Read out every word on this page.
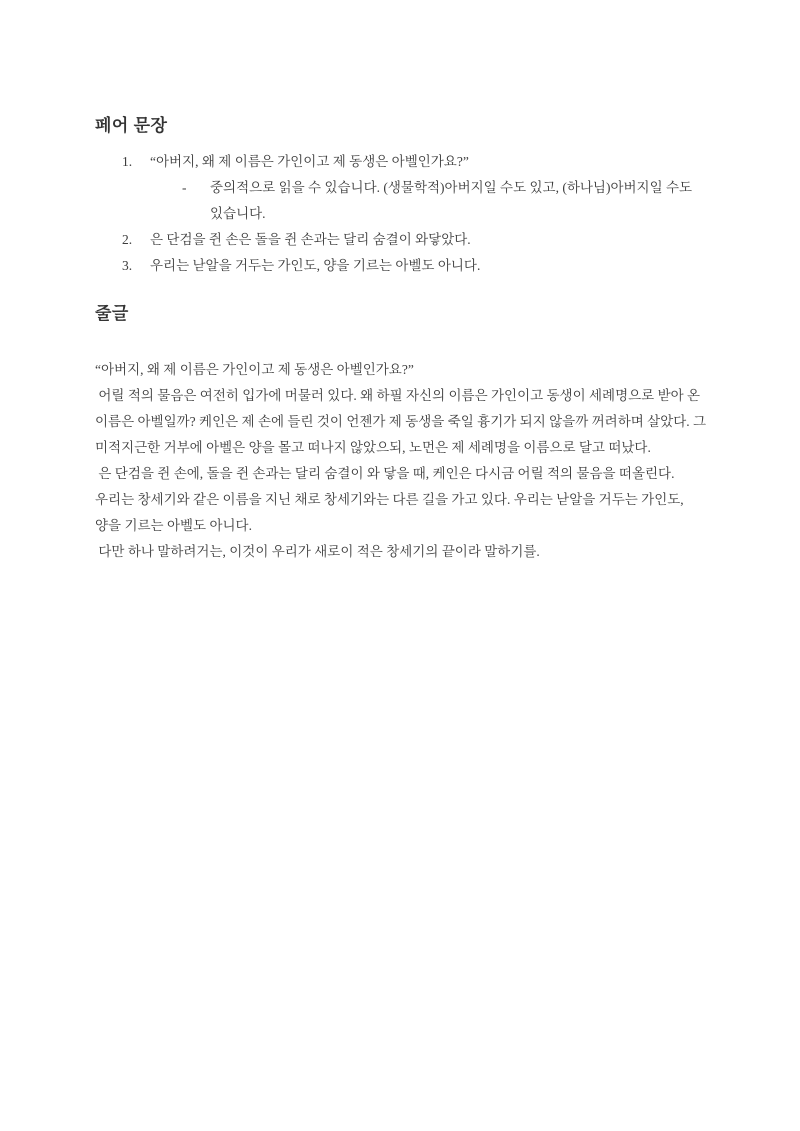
페어 문장
1.	“아버지, 왜 제 이름은 가인이고 제 동생은 아벨인가요?”
-	중의적으로 읽을 수 있습니다. (생물학적)아버지일 수도 있고, (하나님)아버지일 수도
있습니다.
2.	은 단검을 쥔 손은 돌을 쥔 손과는 달리 숨결이 와닿았다.
3.	우리는 낟알을 거두는 가인도, 양을 기르는 아벨도 아니다.
줄글
“아버지, 왜 제 이름은 가인이고 제 동생은 아벨인가요?”
어릴 적의 물음은 여전히 입가에 머물러 있다. 왜 하필 자신의 이름은 가인이고 동생이 세례명으로 받아 온
이름은 아벨일까? 케인은 제 손에 들린 것이 언젠가 제 동생을 죽일 흉기가 되지 않을까 꺼려하며 살았다. 그
미적지근한 거부에 아벨은 양을 몰고 떠나지 않았으되, 노먼은 제 세례명을 이름으로 달고 떠났다.
은 단검을 쥔 손에, 돌을 쥔 손과는 달리 숨결이 와 닿을 때, 케인은 다시금 어릴 적의 물음을 떠올린다.
우리는 창세기와 같은 이름을 지닌 채로 창세기와는 다른 길을 가고 있다. 우리는 낟알을 거두는 가인도,
양을 기르는 아벨도 아니다.
다만 하나 말하려거는, 이것이 우리가 새로이 적은 창세기의 끝이라 말하기를.
